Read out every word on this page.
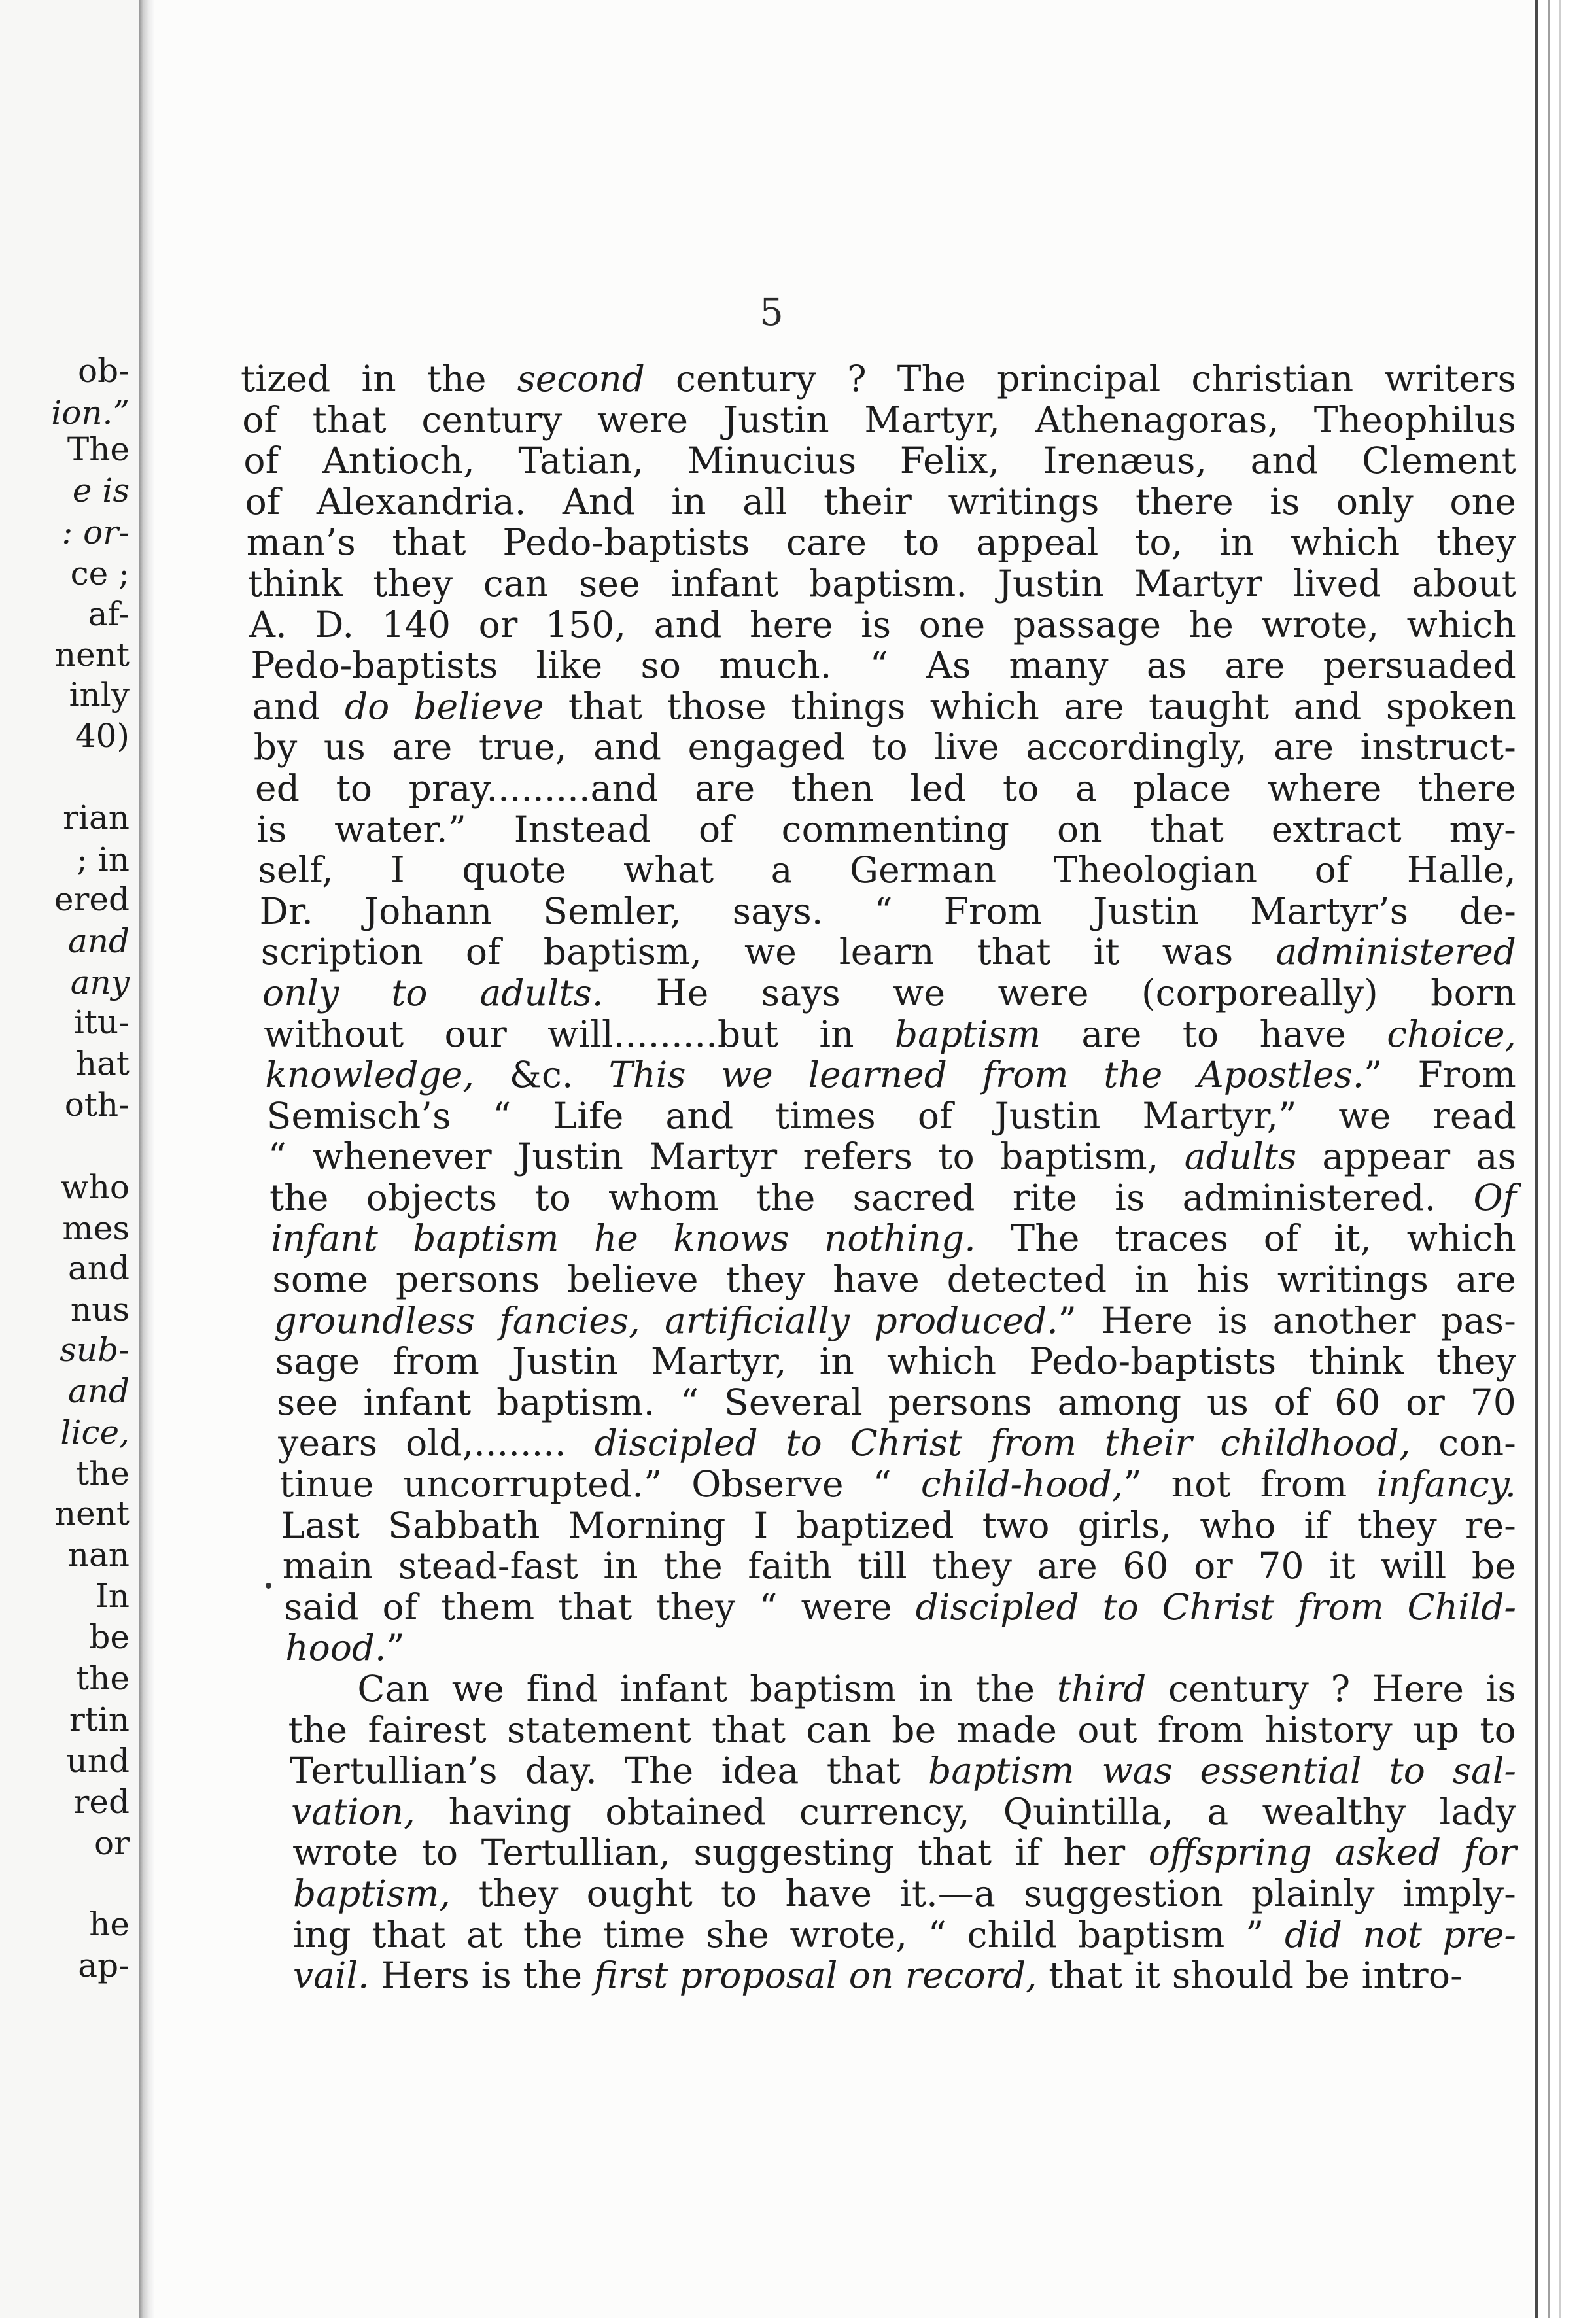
ob-
ion.”
The
e is
: or-
ce ;
af-
nent
inly
40)
rian
; in
ered
and
any
itu-
hat
oth-
who
mes
and
nus
sub-
and
lice,
the
nent
nan
In
be
the
rtin
und
red
or
he
ap-
5
tized in the second century ? The principal christian writers
of that century were Justin Martyr, Athenagoras, Theophilus
of Antioch, Tatian, Minucius Felix, Irenæus, and Clement
of Alexandria. And in all their writings there is only one
man’s that Pedo-baptists care to appeal to, in which they
think they can see infant baptism. Justin Martyr lived about
A. D. 140 or 150, and here is one passage he wrote, which
Pedo-baptists like so much. “ As many as are persuaded
and do believe that those things which are taught and spoken
by us are true, and engaged to live accordingly, are instruct-
ed to pray.........and are then led to a place where there
is water.” Instead of commenting on that extract my-
self, I quote what a German Theologian of Halle,
Dr. Johann Semler, says. “ From Justin Martyr’s de-
scription of baptism, we learn that it was administered
only to adults. He says we were (corporeally) born
without our will.........but in baptism are to have choice,
knowledge, &c. This we learned from the Apostles.” From
Semisch’s “ Life and times of Justin Martyr,” we read
“ whenever Justin Martyr refers to baptism, adults appear as
the objects to whom the sacred rite is administered. Of
infant baptism he knows nothing. The traces of it, which
some persons believe they have detected in his writings are
groundless fancies, artificially produced.” Here is another pas-
sage from Justin Martyr, in which Pedo-baptists think they
see infant baptism. “ Several persons among us of 60 or 70
years old,........ discipled to Christ from their childhood, con-
tinue uncorrupted.” Observe “ child-hood,” not from infancy.
Last Sabbath Morning I baptized two girls, who if they re-
main stead-fast in the faith till they are 60 or 70 it will be
said of them that they “ were discipled to Christ from Child-
hood.”
Can we find infant baptism in the third century ? Here is
the fairest statement that can be made out from history up to
Tertullian’s day. The idea that baptism was essential to sal-
vation, having obtained currency, Quintilla, a wealthy lady
wrote to Tertullian, suggesting that if her offspring asked for
baptism, they ought to have it.—a suggestion plainly imply-
ing that at the time she wrote, “ child baptism ” did not pre-
vail. Hers is the first proposal on record, that it should be intro-
